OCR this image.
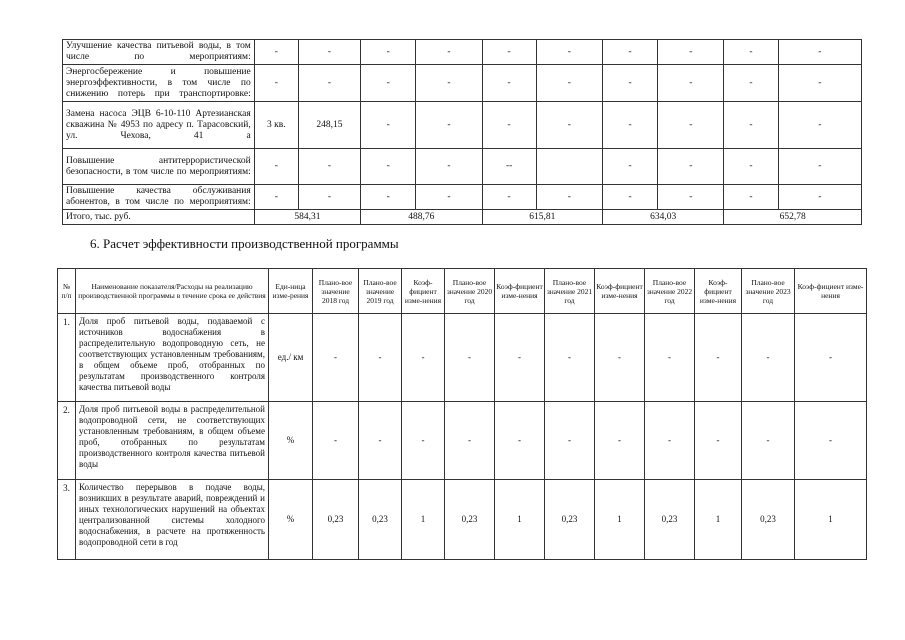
Улучшение качества питьевой воды, в том числе по мероприятиям:	-	-	-	-	-	-	-	-	-	-
Энергосбережение и повышение энергоэффективности, в том числе по снижению потерь при транспортировке:	-	-	-	-	-	-	-	-	-	-
Замена насоса ЭЦВ 6-10-110 Артезианская скважина № 4953 по адресу п. Тарасовский, ул. Чехова, 41 а	3 кв.	248,15	-	-	-	-	-	-	-	-
Повышение антитеррористической безопасности, в том числе по мероприятиям:	-	-	-	-	--		-	-	-	-
Повышение качества обслуживания абонентов, в том числе по мероприятиям:	-	-	-	-	-	-	-	-	-	-
Итого, тыс. руб.	584,31		488,76		615,81		634,03		652,78	
6. Расчет эффективности производственной программы
№ п/п	Наименование показателя/Расходы на реализацию производственной программы в течение срока ее действия	Еди-ница изме-рения	Плано-вое значение 2018 год	Плано-вое значение 2019 год	Коэф-фициент изме-нения	Плано-вое значение 2020 год	Коэф-фициент изме-нения	Плано-вое значение 2021 год	Коэф-фициент изме-нения	Плано-вое значение 2022 год	Коэф-фициент изме-нения	Плано-вое значение 2023 год	Коэф-фициент изме-нения
1.	Доля проб питьевой воды, подаваемой с источников водоснабжения в распределительную водопроводную сеть, не соответствующих установленным требованиям, в общем объеме проб, отобранных по результатам производственного контроля качества питьевой воды	ед./ км	-	-	-	-	-	-	-	-	-	-	-
2.	Доля проб питьевой воды в распределительной водопроводной сети, не соответствующих установленным требованиям, в общем объеме проб, отобранных по результатам производственного контроля качества питьевой воды	%	-	-	-	-	-	-	-	-	-	-	-
3.	Количество перерывов в подаче воды, возникших в результате аварий, повреждений и иных технологических нарушений на объектах централизованной системы холодного водоснабжения, в расчете на протяженность водопроводной сети в год	%	0,23	0,23	1	0,23	1	0,23	1	0,23	1	0,23	1
